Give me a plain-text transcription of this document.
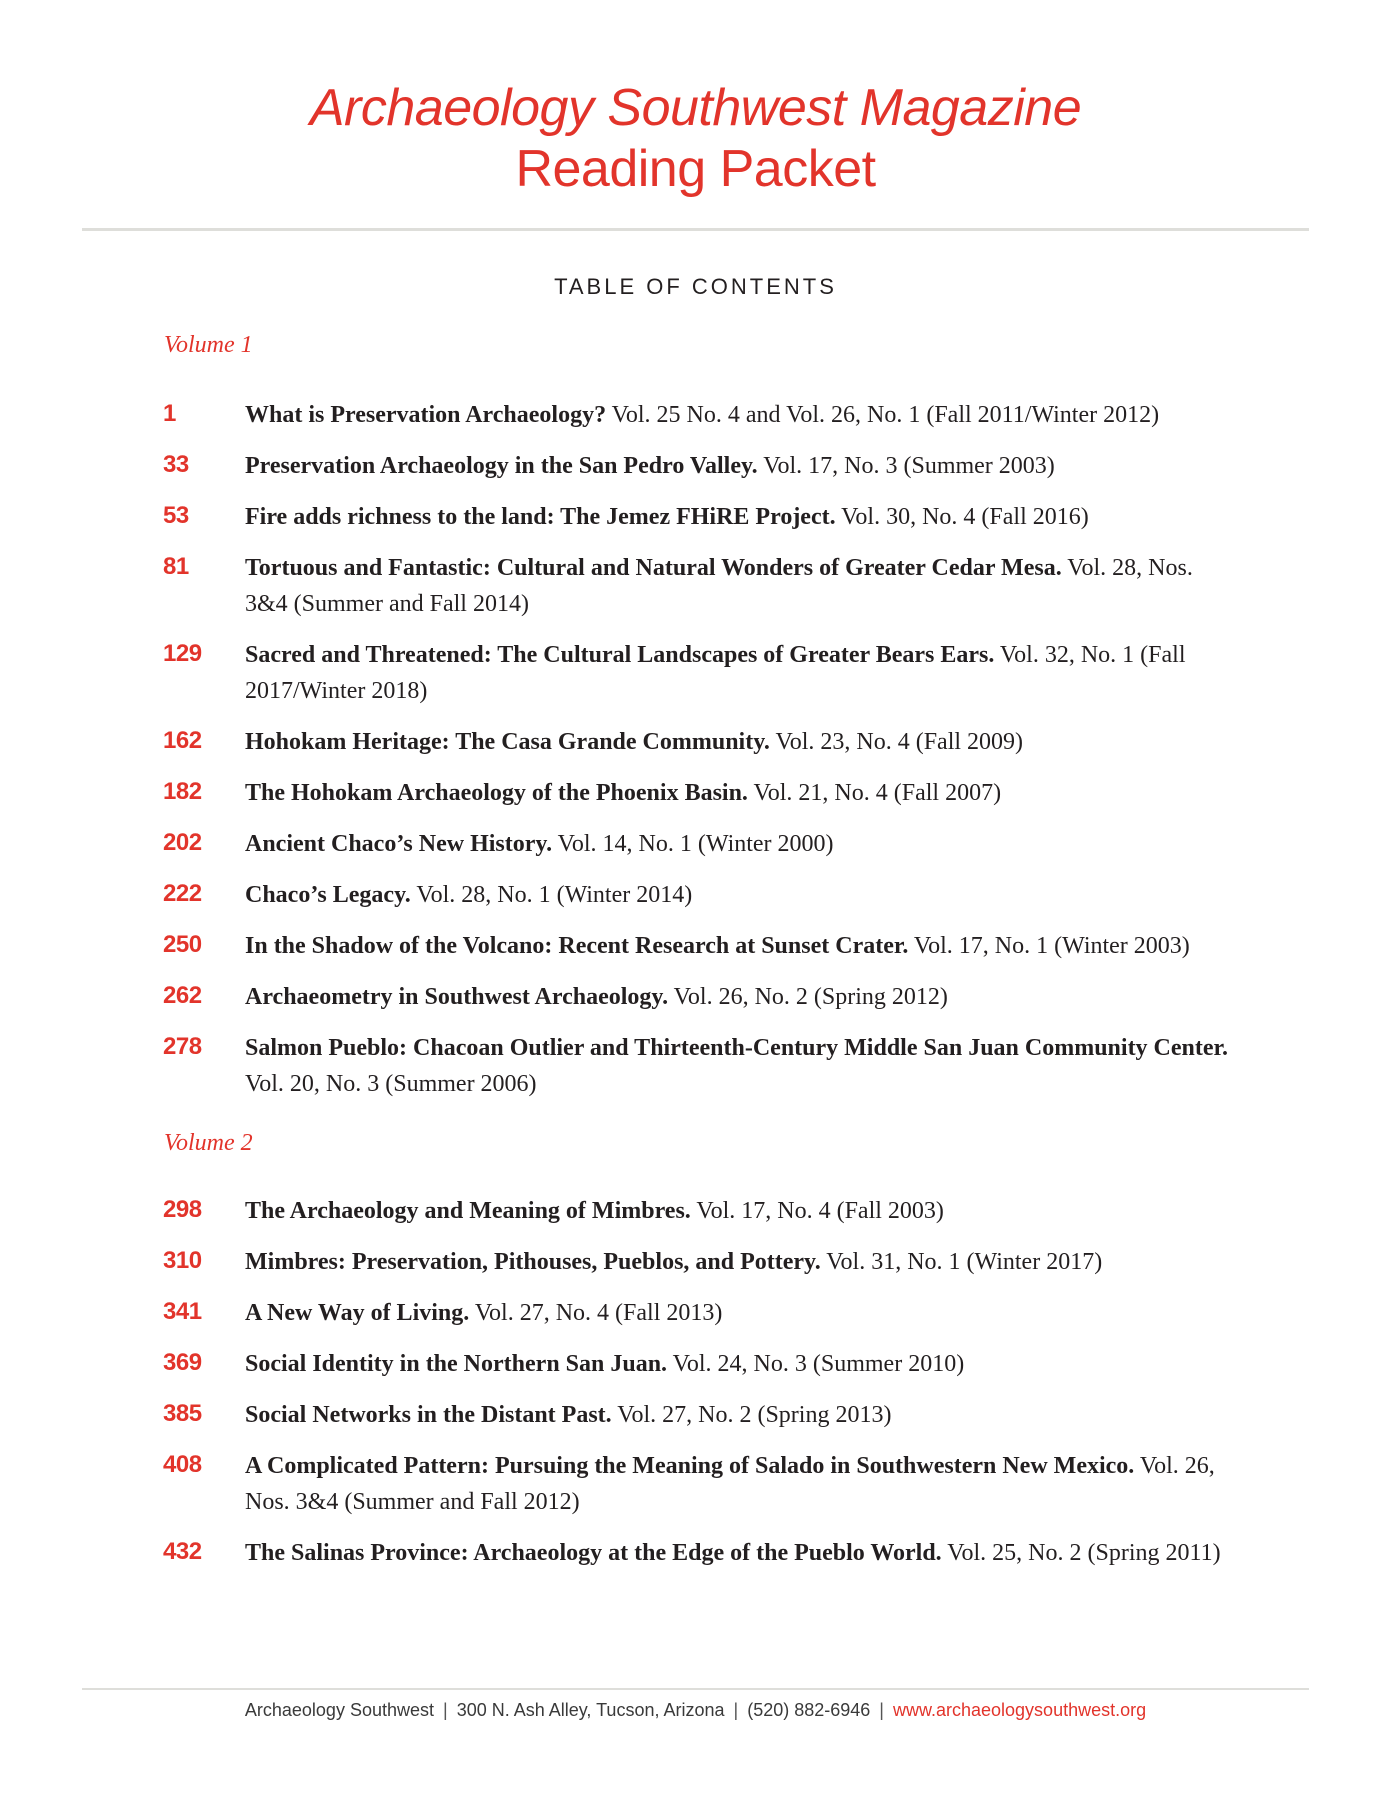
Archaeology Southwest Magazine
Reading Packet
TABLE OF CONTENTS
Volume 1
1	What is Preservation Archaeology? Vol. 25 No. 4 and Vol. 26, No. 1 (Fall 2011/Winter 2012)
33 Preservation Archaeology in the San Pedro Valley. Vol. 17, No. 3 (Summer 2003)
53 Fire adds richness to the land: The Jemez FHiRE Project. Vol. 30, No. 4 (Fall 2016)
81 Tortuous and Fantastic: Cultural and Natural Wonders of Greater Cedar Mesa. Vol. 28, Nos. 3&4 (Summer and Fall 2014)
129 Sacred and Threatened: The Cultural Landscapes of Greater Bears Ears. Vol. 32, No. 1 (Fall 2017/Winter 2018)
162 Hohokam Heritage: The Casa Grande Community. Vol. 23, No. 4 (Fall 2009)
182 The Hohokam Archaeology of the Phoenix Basin. Vol. 21, No. 4 (Fall 2007)
202 Ancient Chaco’s New History. Vol. 14, No. 1 (Winter 2000)
222 Chaco’s Legacy. Vol. 28, No. 1 (Winter 2014)
250 In the Shadow of the Volcano: Recent Research at Sunset Crater. Vol. 17, No. 1 (Winter 2003)
262 Archaeometry in Southwest Archaeology. Vol. 26, No. 2 (Spring 2012)
278 Salmon Pueblo: Chacoan Outlier and Thirteenth-Century Middle San Juan Community Center. Vol. 20, No. 3 (Summer 2006)
Volume 2
298 The Archaeology and Meaning of Mimbres. Vol. 17, No. 4 (Fall 2003)
310 Mimbres: Preservation, Pithouses, Pueblos, and Pottery. Vol. 31, No. 1 (Winter 2017)
341 A New Way of Living. Vol. 27, No. 4 (Fall 2013)
369 Social Identity in the Northern San Juan. Vol. 24, No. 3 (Summer 2010)
385 Social Networks in the Distant Past. Vol. 27, No. 2 (Spring 2013)
408 A Complicated Pattern: Pursuing the Meaning of Salado in Southwestern New Mexico. Vol. 26, Nos. 3&4 (Summer and Fall 2012)
432 The Salinas Province: Archaeology at the Edge of the Pueblo World. Vol. 25, No. 2 (Spring 2011)
Archaeology Southwest | 300 N. Ash Alley, Tucson, Arizona | (520) 882-6946 | www.archaeologysouthwest.org
